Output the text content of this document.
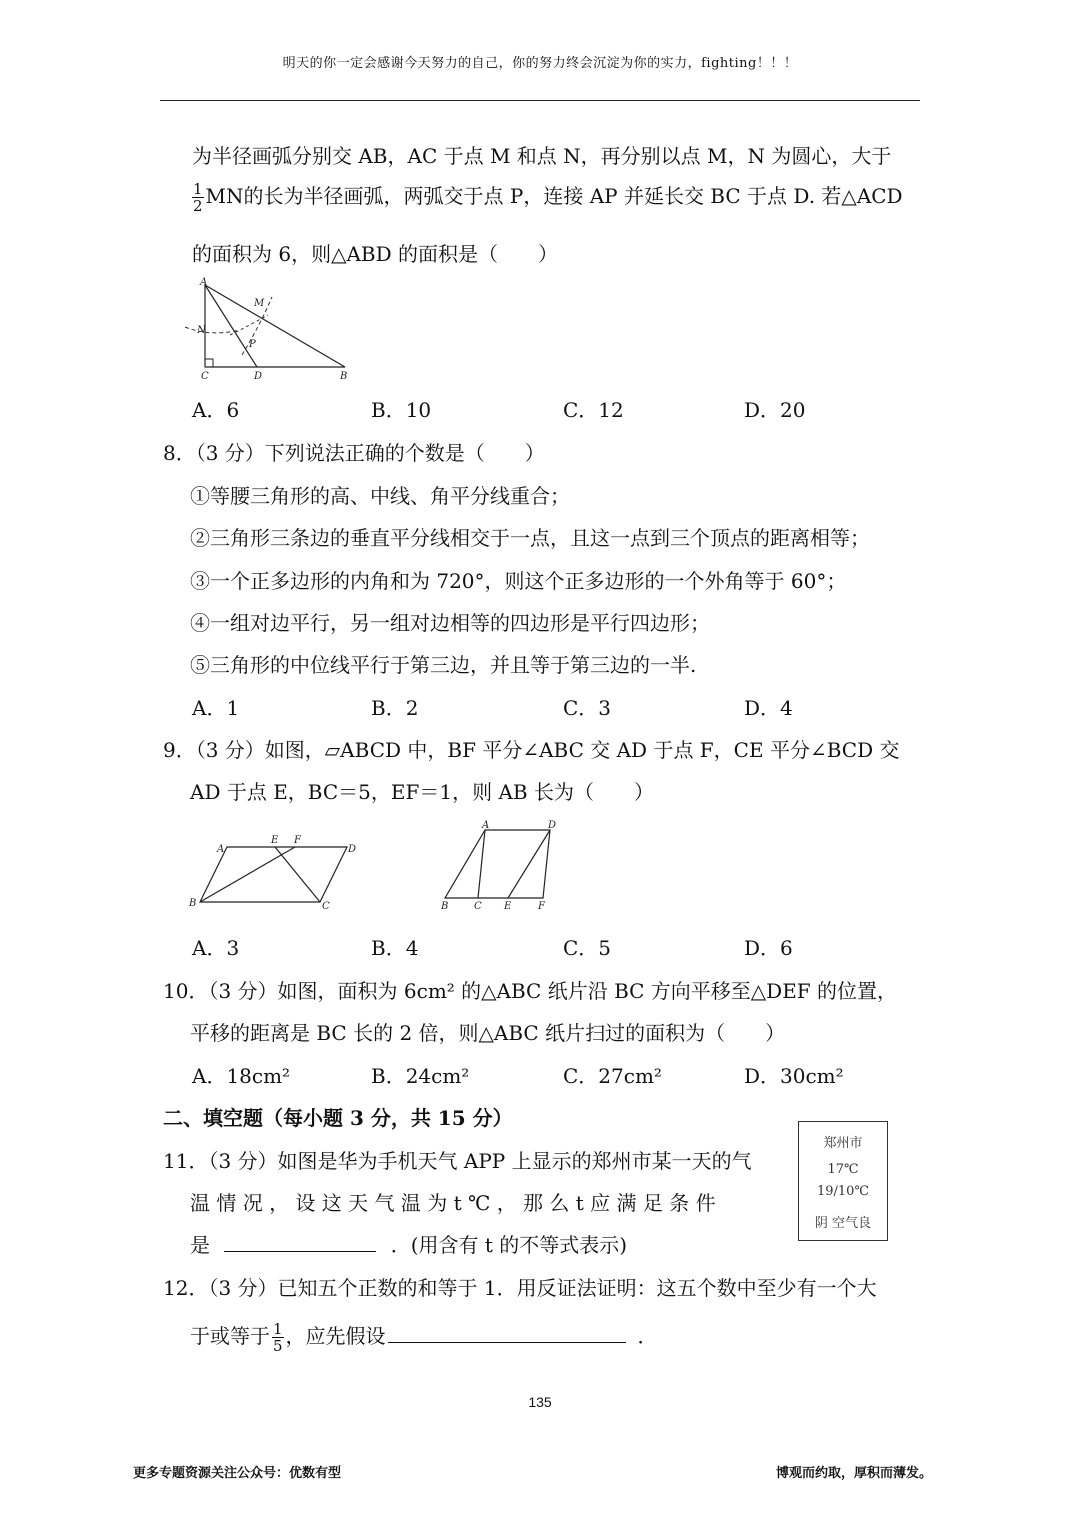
明天的你一定会感谢今天努力的自己，你的努力终会沉淀为你的实力，fighting！！！
为半径画弧分别交 AB，AC 于点 M 和点 N，再分别以点 M，N 为圆心，大于
$\frac{1}{2}$ MN的长为半径画弧，两弧交于点 P，连接 AP 并延长交 BC 于点 D. 若△ACD
的面积为 6，则△ABD 的面积是（　　）
A
M
N
P
C	D	B
A．6	B．10	C．12	D．20
8．（3 分）下列说法正确的个数是（　　）
①等腰三角形的高、中线、角平分线重合；
②三角形三条边的垂直平分线相交于一点，且这一点到三个顶点的距离相等；
③一个正多边形的内角和为 720°，则这个正多边形的一个外角等于 60°；
④一组对边平行，另一组对边相等的四边形是平行四边形；
⑤三角形的中位线平行于第三边，并且等于第三边的一半.
A．1	B．2	C．3	D．4
9．（3 分）如图，▱ABCD 中，BF 平分∠ABC 交 AD 于点 F，CE 平分∠BCD 交
AD 于点 E，BC＝5，EF＝1，则 AB 长为（　　）
A
E F
D
B	C
A	D
B	C E	F
A．3	B．4	C．5	D．6
10．（3 分）如图，面积为 6cm² 的△ABC 纸片沿 BC 方向平移至△DEF 的位置，
平移的距离是 BC 长的 2 倍，则△ABC 纸片扫过的面积为（　　）
A．18cm²	B．24cm²	C．27cm²	D．30cm²
二、填空题（每小题 3 分，共 15 分）
11．（3 分）如图是华为手机天气 APP 上显示的郑州市某一天的气
温 情 况 ， 设 这 天 气 温 为 t ℃ ， 那 么 t 应 满 足 条 件
是	．(用含有 t 的不等式表示)
郑州市
17℃
19/10℃
阴 空气良
12．（3 分）已知五个正数的和等于 1．用反证法证明：这五个数中至少有一个大
于或等于 $\frac{1}{5}$ ，应先假设	．
135
更多专题资源关注公众号：优数有型	博观而约取，厚积而薄发。
